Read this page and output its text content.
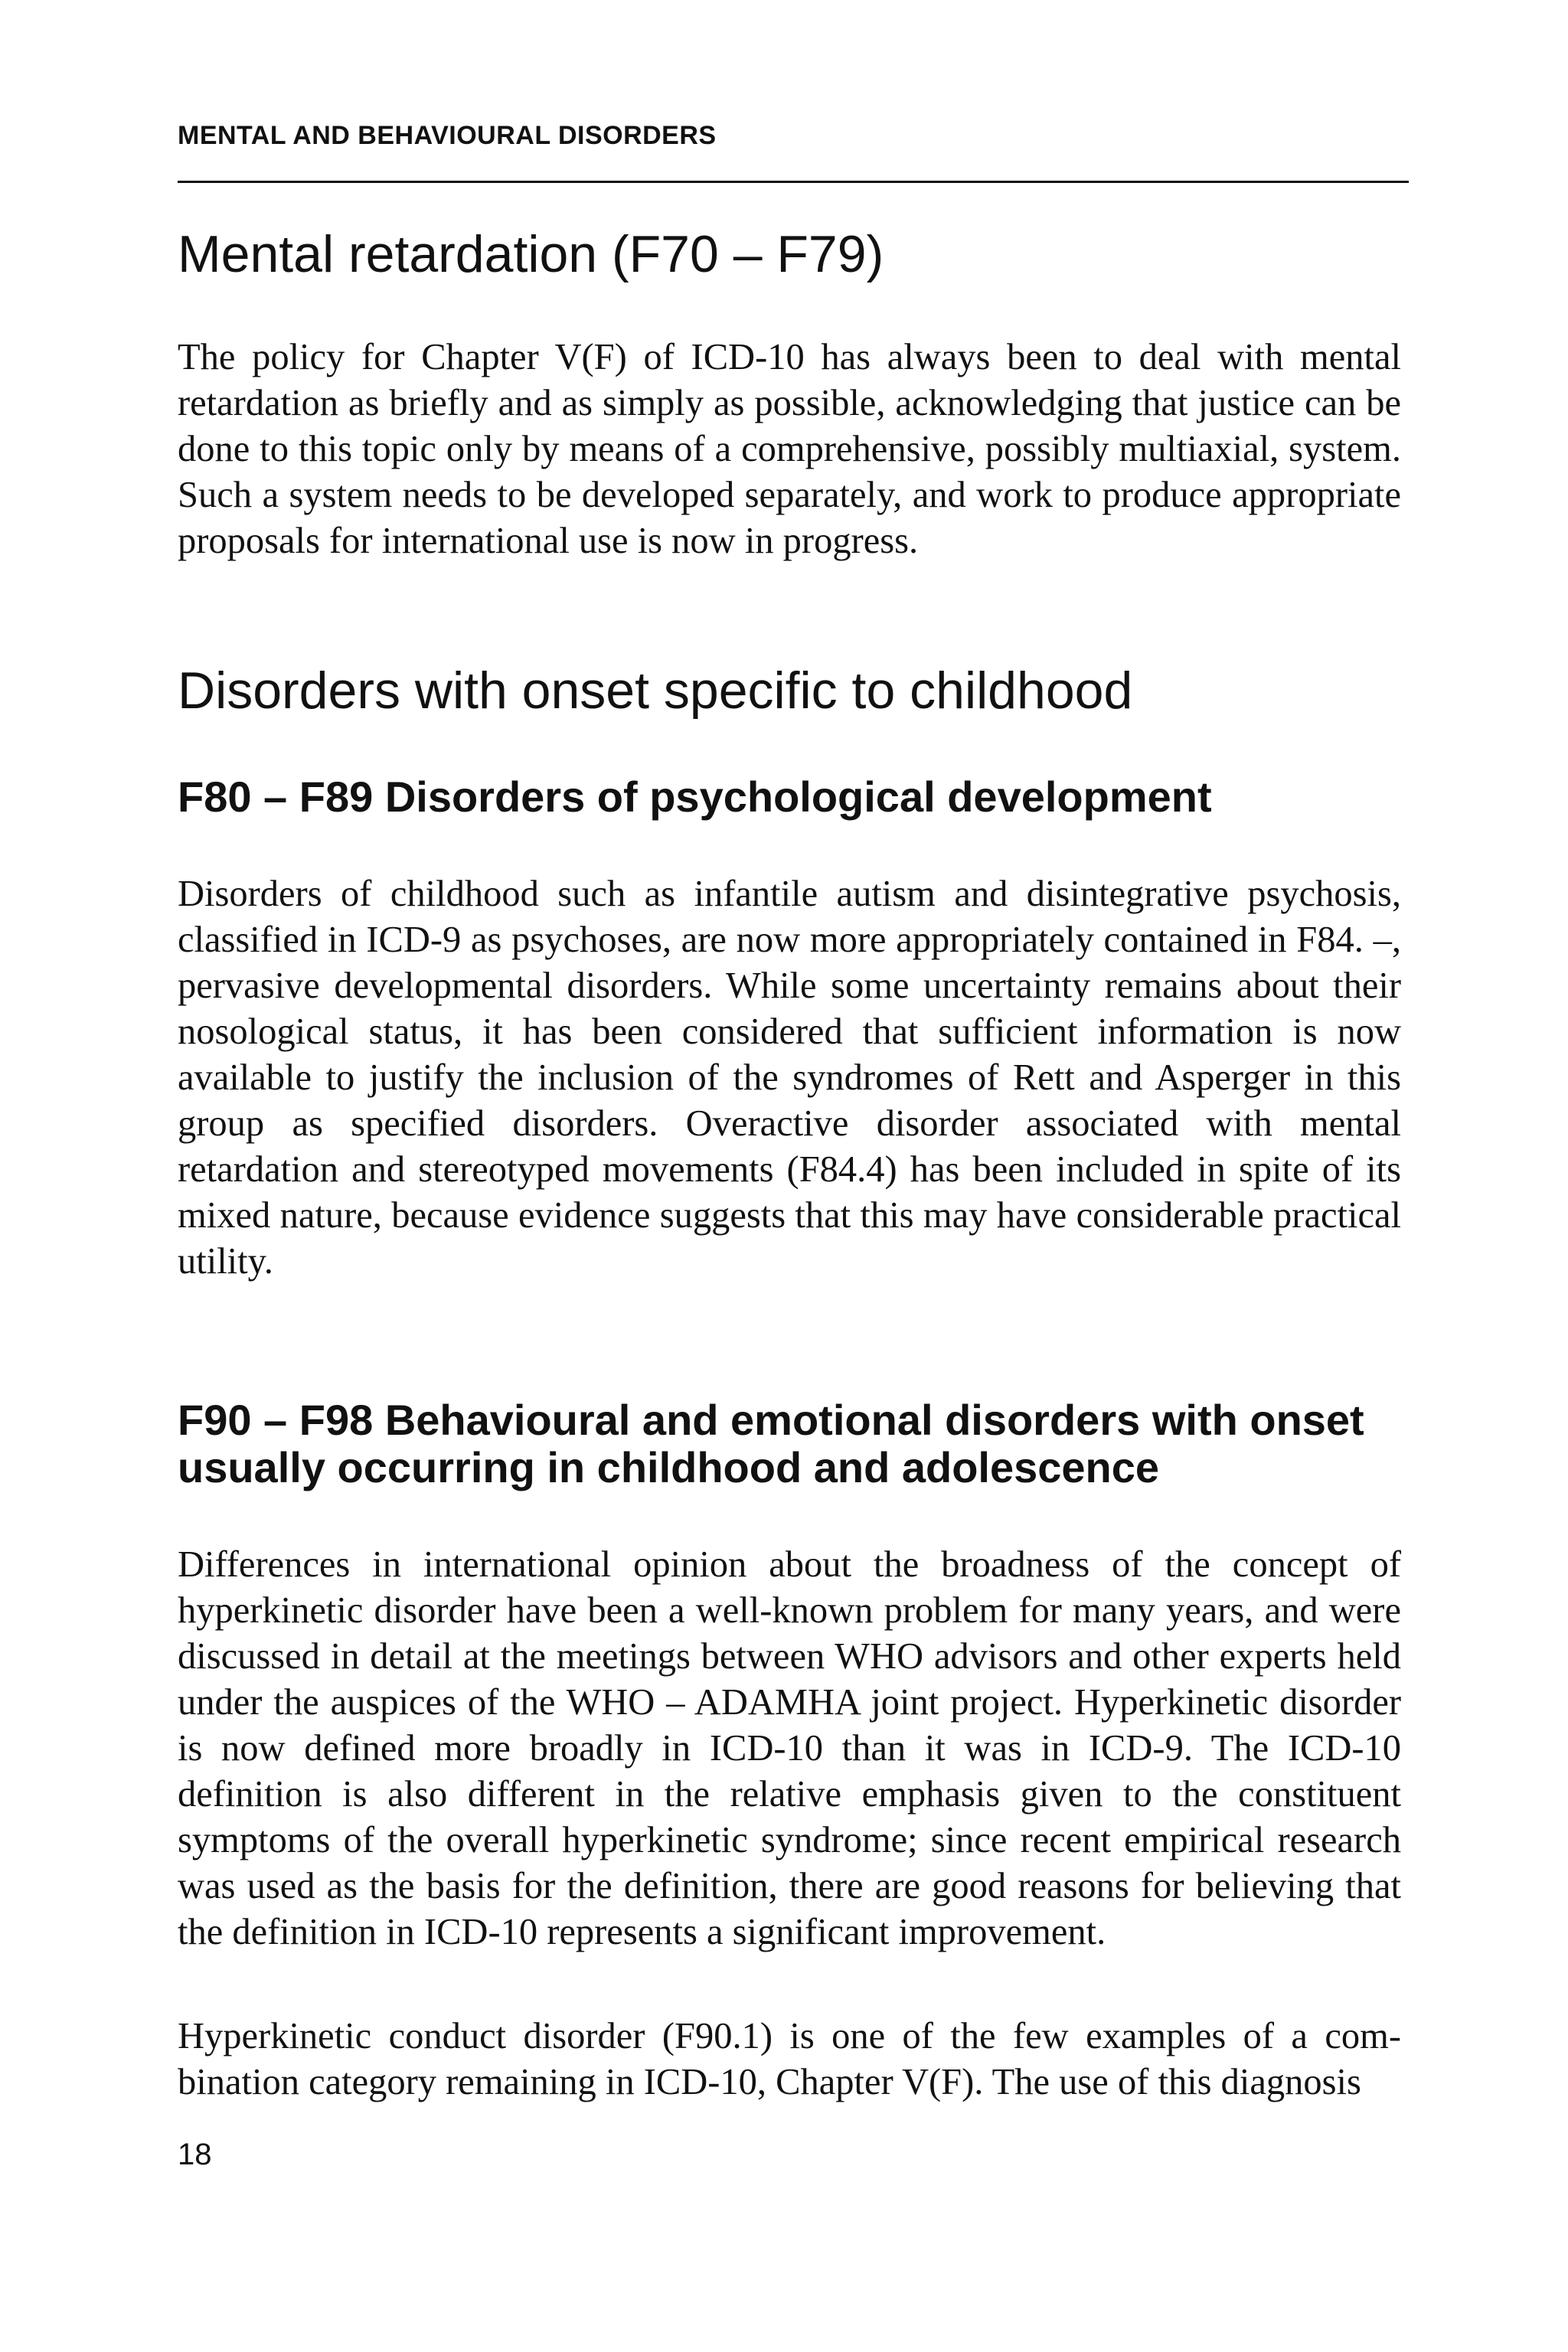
MENTAL AND BEHAVIOURAL DISORDERS
Mental retardation (F70 – F79)

The policy for Chapter V(F) of ICD-10 has always been to deal with mental retardation as briefly and as simply as possible, acknowledging that justice can be done to this topic only by means of a comprehensive, possibly multiaxial, system. Such a system needs to be developed separately, and work to produce appropriate proposals for international use is now in progress.

Disorders with onset specific to childhood
F80 – F89 Disorders of psychological development

Disorders of childhood such as infantile autism and disintegrative psychosis, classified in ICD-9 as psychoses, are now more appropriately contained in F84. –, pervasive developmental disorders. While some uncertainty remains about their nosological status, it has been considered that sufficient information is now available to justify the inclusion of the syndromes of Rett and Asperger in this group as specified disorders. Overactive disorder associated with mental retardation and stereotyped movements (F84.4) has been included in spite of its mixed nature, because evidence suggests that this may have considerable practical utility.

F90 – F98 Behavioural and emotional disorders with onset usually occurring in childhood and adolescence

Differences in international opinion about the broadness of the concept of hyperkinetic disorder have been a well-known problem for many years, and were discussed in detail at the meetings between WHO advisors and other experts held under the auspices of the WHO – ADAMHA joint project. Hyperkinetic disorder is now defined more broadly in ICD-10 than it was in ICD-9. The ICD-10 definition is also different in the relative emphasis given to the constituent symptoms of the overall hyperkinetic syndrome; since recent empirical research was used as the basis for the definition, there are good reasons for believing that the definition in ICD-10 represents a significant improvement.

Hyperkinetic conduct disorder (F90.1) is one of the few examples of a combination category remaining in ICD-10, Chapter V(F). The use of this diagnosis

18
